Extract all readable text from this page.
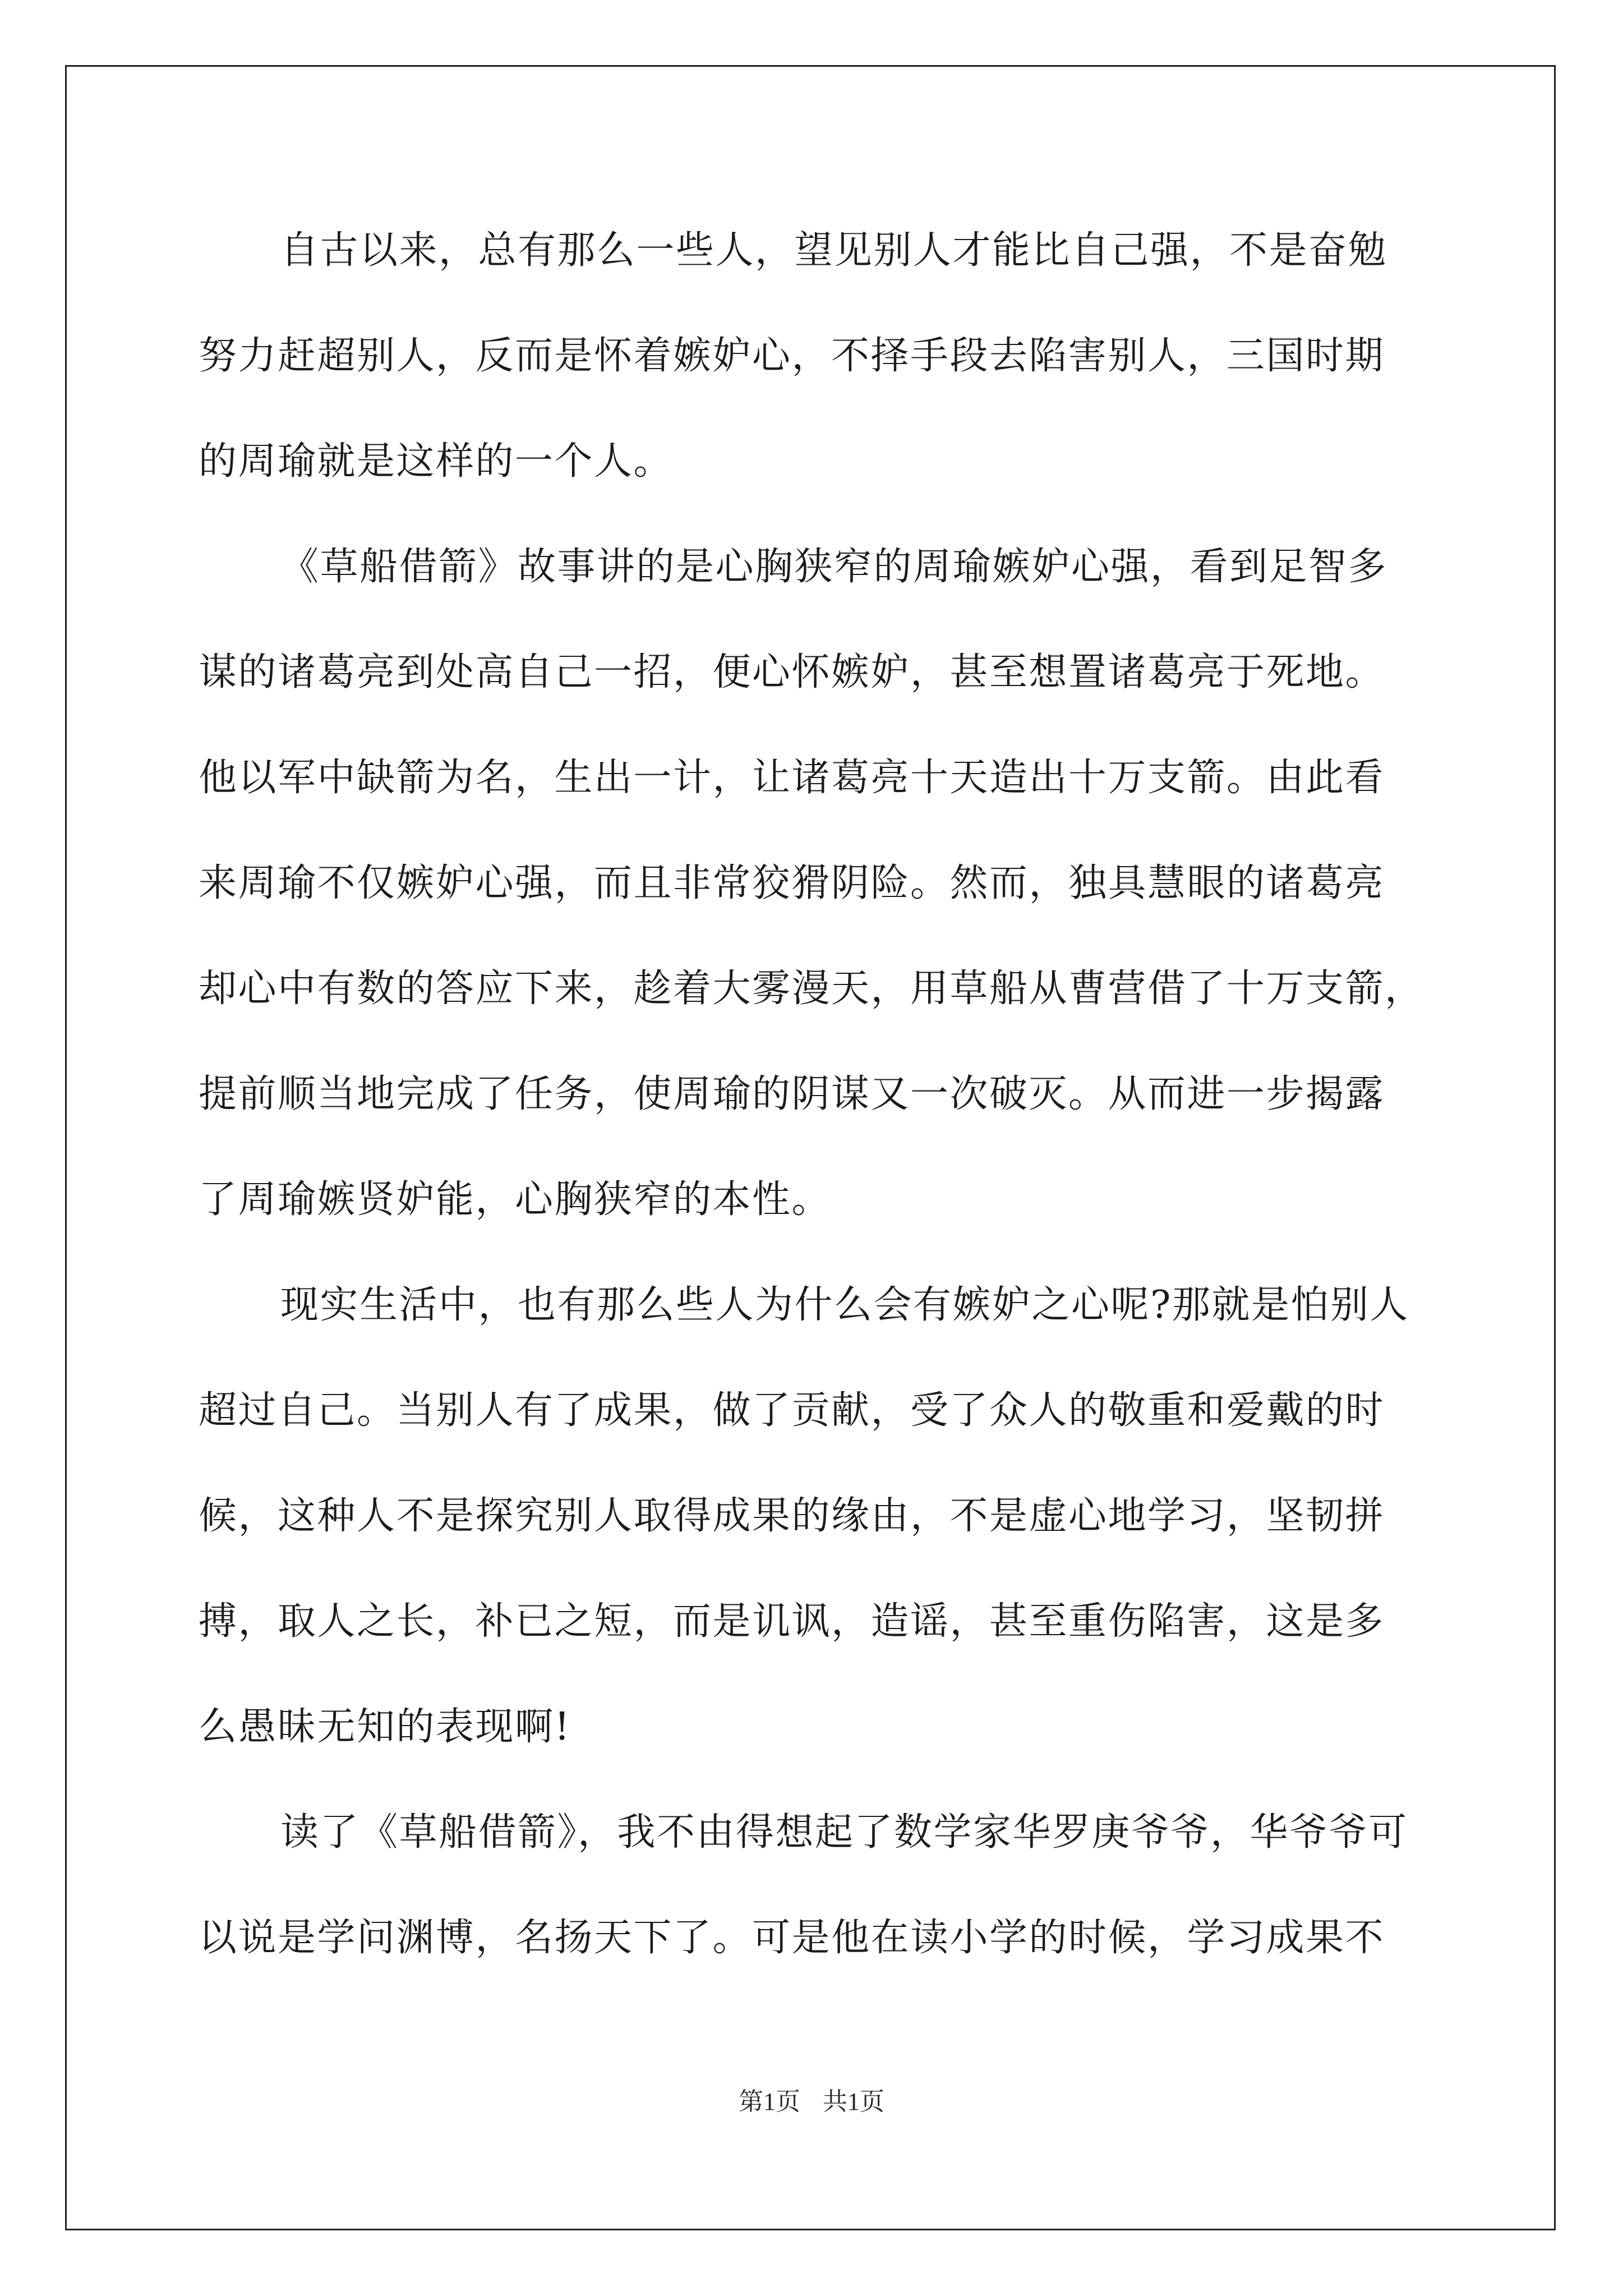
自古以来，总有那么一些人，望见别人才能比自己强，不是奋勉
努力赶超别人，反而是怀着嫉妒心，不择手段去陷害别人，三国时期
的周瑜就是这样的一个人。
《草船借箭》故事讲的是心胸狭窄的周瑜嫉妒心强，看到足智多
谋的诸葛亮到处高自己一招，便心怀嫉妒，甚至想置诸葛亮于死地。
他以军中缺箭为名，生出一计，让诸葛亮十天造出十万支箭。由此看
来周瑜不仅嫉妒心强，而且非常狡猾阴险。然而，独具慧眼的诸葛亮
却心中有数的答应下来，趁着大雾漫天，用草船从曹营借了十万支箭，
提前顺当地完成了任务，使周瑜的阴谋又一次破灭。从而进一步揭露
了周瑜嫉贤妒能，心胸狭窄的本性。
现实生活中，也有那么些人为什么会有嫉妒之心呢?那就是怕别人
超过自己。当别人有了成果，做了贡献，受了众人的敬重和爱戴的时
候，这种人不是探究别人取得成果的缘由，不是虚心地学习，坚韧拼
搏，取人之长，补已之短，而是讥讽，造谣，甚至重伤陷害，这是多
么愚昧无知的表现啊!
读了《草船借箭》，我不由得想起了数学家华罗庚爷爷，华爷爷可
以说是学问渊博，名扬天下了。可是他在读小学的时候，学习成果不
第1页 共1页
